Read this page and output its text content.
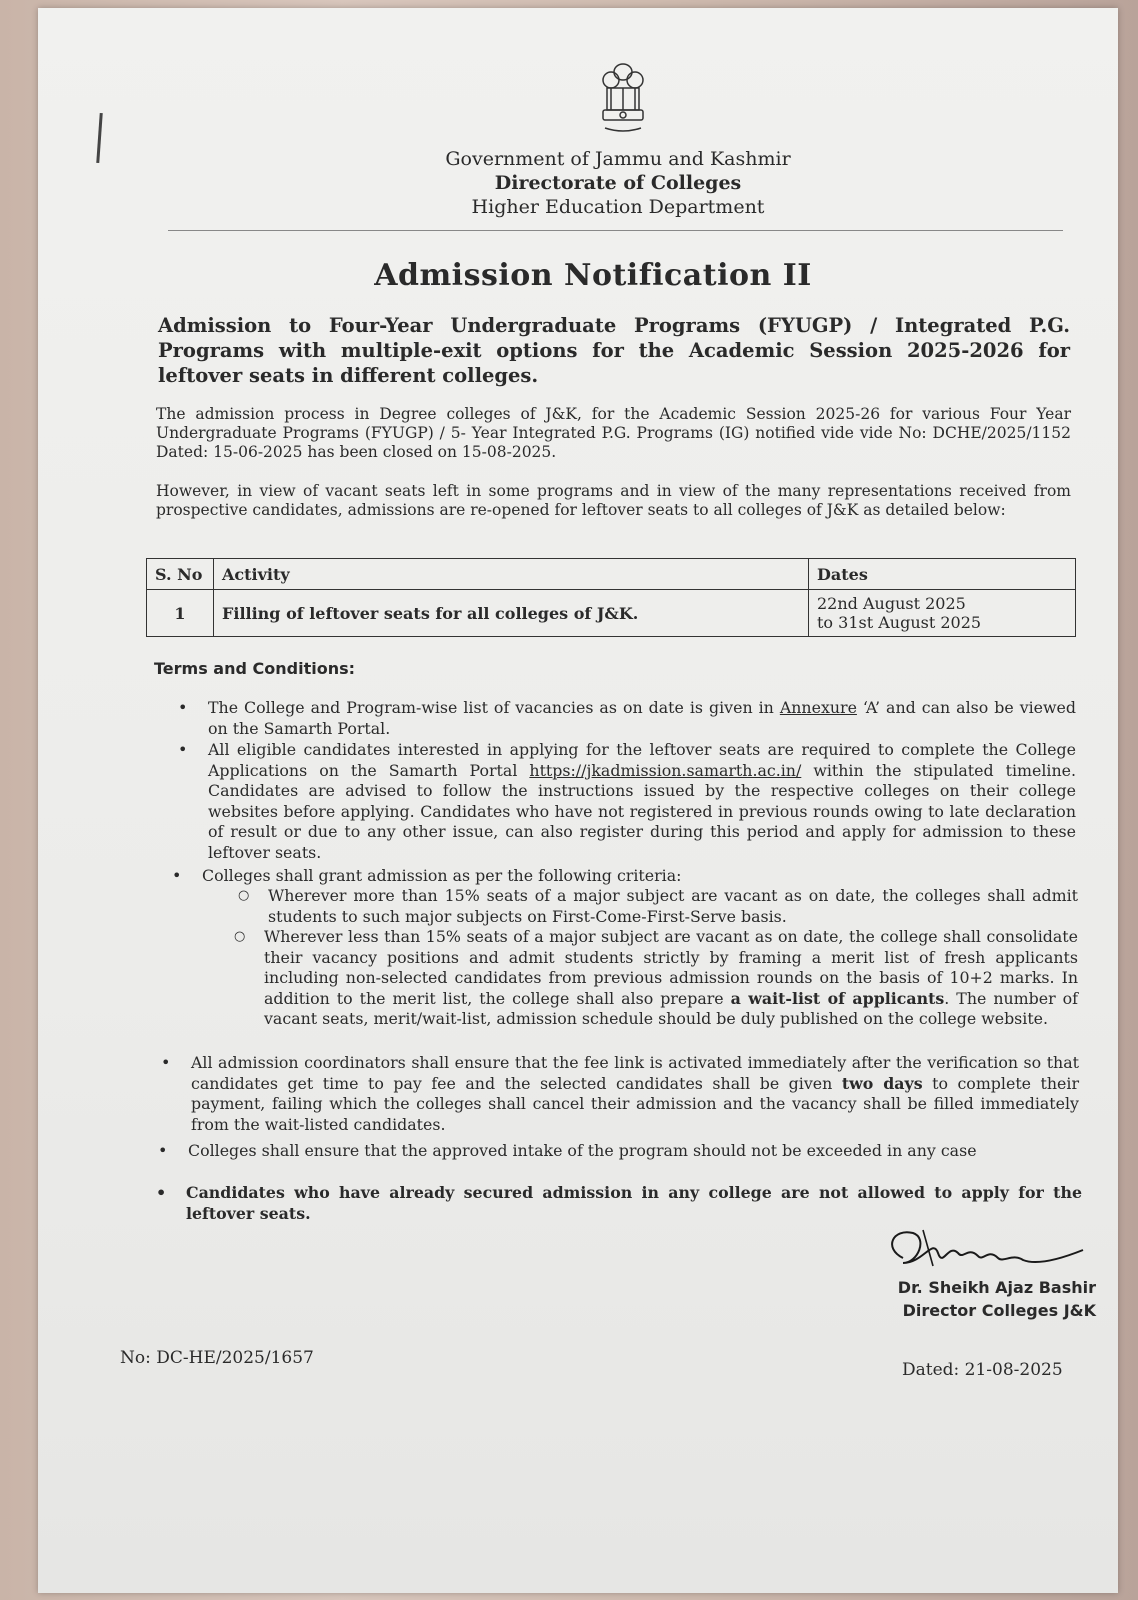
Government of Jammu and Kashmir
Directorate of Colleges
Higher Education Department
Admission Notification II
Admission to Four-Year Undergraduate Programs (FYUGP) / Integrated P.G. Programs with multiple-exit options for the Academic Session 2025-2026 for leftover seats in different colleges.
The admission process in Degree colleges of J&K, for the Academic Session 2025-26 for various Four Year Undergraduate Programs (FYUGP) / 5- Year Integrated P.G. Programs (IG) notified vide vide No: DCHE/2025/1152 Dated: 15-06-2025 has been closed on 15-08-2025.
However, in view of vacant seats left in some programs and in view of the many representations received from prospective candidates, admissions are re-opened for leftover seats to all colleges of J&K as detailed below:
S. No	Activity	Dates
1	Filling of leftover seats for all colleges of J&K.	22nd August 2025
to 31st August 2025
Terms and Conditions:
• The College and Program-wise list of vacancies as on date is given in Annexure ‘A’ and can also be viewed on the Samarth Portal.
• All eligible candidates interested in applying for the leftover seats are required to complete the College Applications on the Samarth Portal https://jkadmission.samarth.ac.in/ within the stipulated timeline. Candidates are advised to follow the instructions issued by the respective colleges on their college websites before applying. Candidates who have not registered in previous rounds owing to late declaration of result or due to any other issue, can also register during this period and apply for admission to these leftover seats.
• Colleges shall grant admission as per the following criteria:
○ Wherever more than 15% seats of a major subject are vacant as on date, the colleges shall admit students to such major subjects on First-Come-First-Serve basis.
○ Wherever less than 15% seats of a major subject are vacant as on date, the college shall consolidate their vacancy positions and admit students strictly by framing a merit list of fresh applicants including non-selected candidates from previous admission rounds on the basis of 10+2 marks. In addition to the merit list, the college shall also prepare a wait-list of applicants. The number of vacant seats, merit/wait-list, admission schedule should be duly published on the college website.
• All admission coordinators shall ensure that the fee link is activated immediately after the verification so that candidates get time to pay fee and the selected candidates shall be given two days to complete their payment, failing which the colleges shall cancel their admission and the vacancy shall be filled immediately from the wait-listed candidates.
• Colleges shall ensure that the approved intake of the program should not be exceeded in any case
• Candidates who have already secured admission in any college are not allowed to apply for the leftover seats.
Dr. Sheikh Ajaz Bashir
Director Colleges J&K
No: DC-HE/2025/1657
Dated: 21-08-2025
